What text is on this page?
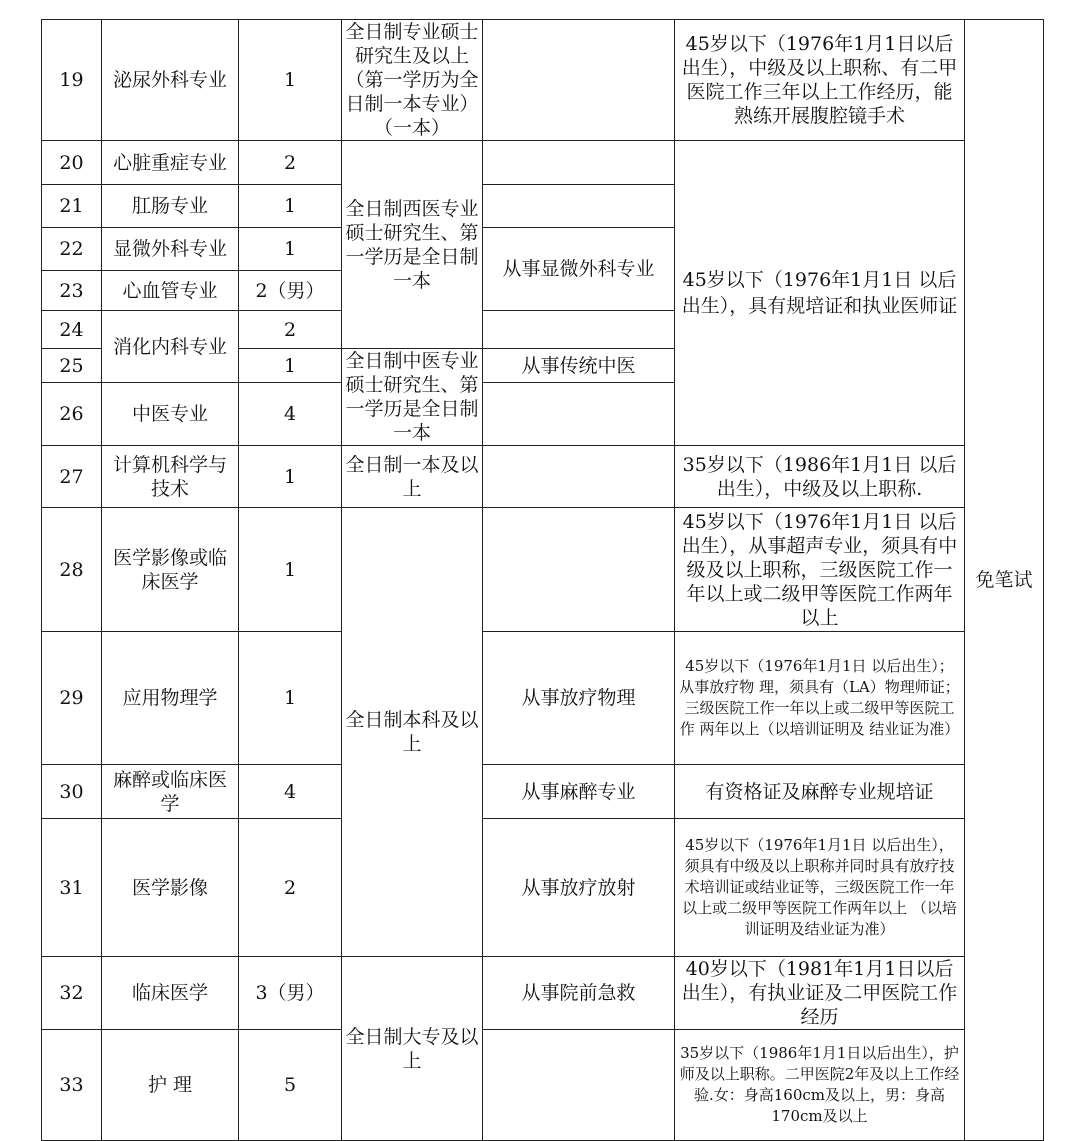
19	泌尿外科专业	1	全日制专业硕士研究生及以上（第一学历为全日制一本专业）（一本）		45岁以下（1976年1月1日以后出生），中级及以上职称、有二甲医院工作三年以上工作经历，能熟练开展腹腔镜手术	免笔试
20	心脏重症专业	2	全日制西医专业硕士研究生、第一学历是全日制一本		45岁以下（1976年1月1日 以后出生），具有规培证和执业医师证	
21	肛肠专业	1				
22	显微外科专业	1		从事显微外科专业		
23	心血管专业	2（男）				
24	消化内科专业	2				
25		1	全日制中医专业硕士研究生、第一学历是全日制一本	从事传统中医		
26	中医专业	4				
27	计算机科学与技术	1	全日制一本及以上		35岁以下（1986年1月1日 以后出生），中级及以上职称.	
28	医学影像或临床医学	1	全日制本科及以上		45岁以下（1976年1月1日 以后出生），从事超声专业，须具有中级及以上职称，三级医院工作一年以上或二级甲等医院工作两年以上	
29	应用物理学	1		从事放疗物理	45岁以下（1976年1月1日 以后出生）；从事放疗物 理，须具有（LA）物理师证；三级医院工作一年以上或二级甲等医院工作 两年以上（以培训证明及 结业证为准）	
30	麻醉或临床医学	4		从事麻醉专业	有资格证及麻醉专业规培证	
31	医学影像	2		从事放疗放射	45岁以下（1976年1月1日 以后出生），须具有中级及以上职称并同时具有放疗技术培训证或结业证等，三级医院工作一年以上或二级甲等医院工作两年以上 （以培训证明及结业证为准）	
32	临床医学	3（男）	全日制大专及以上	从事院前急救	40岁以下（1981年1月1日以后出生），有执业证及二甲医院工作经历	
33	护 理	5			35岁以下（1986年1月1日以后出生），护师及以上职称。二甲医院2年及以上工作经验.女：身高160cm及以上，男：身高170cm及以上	
